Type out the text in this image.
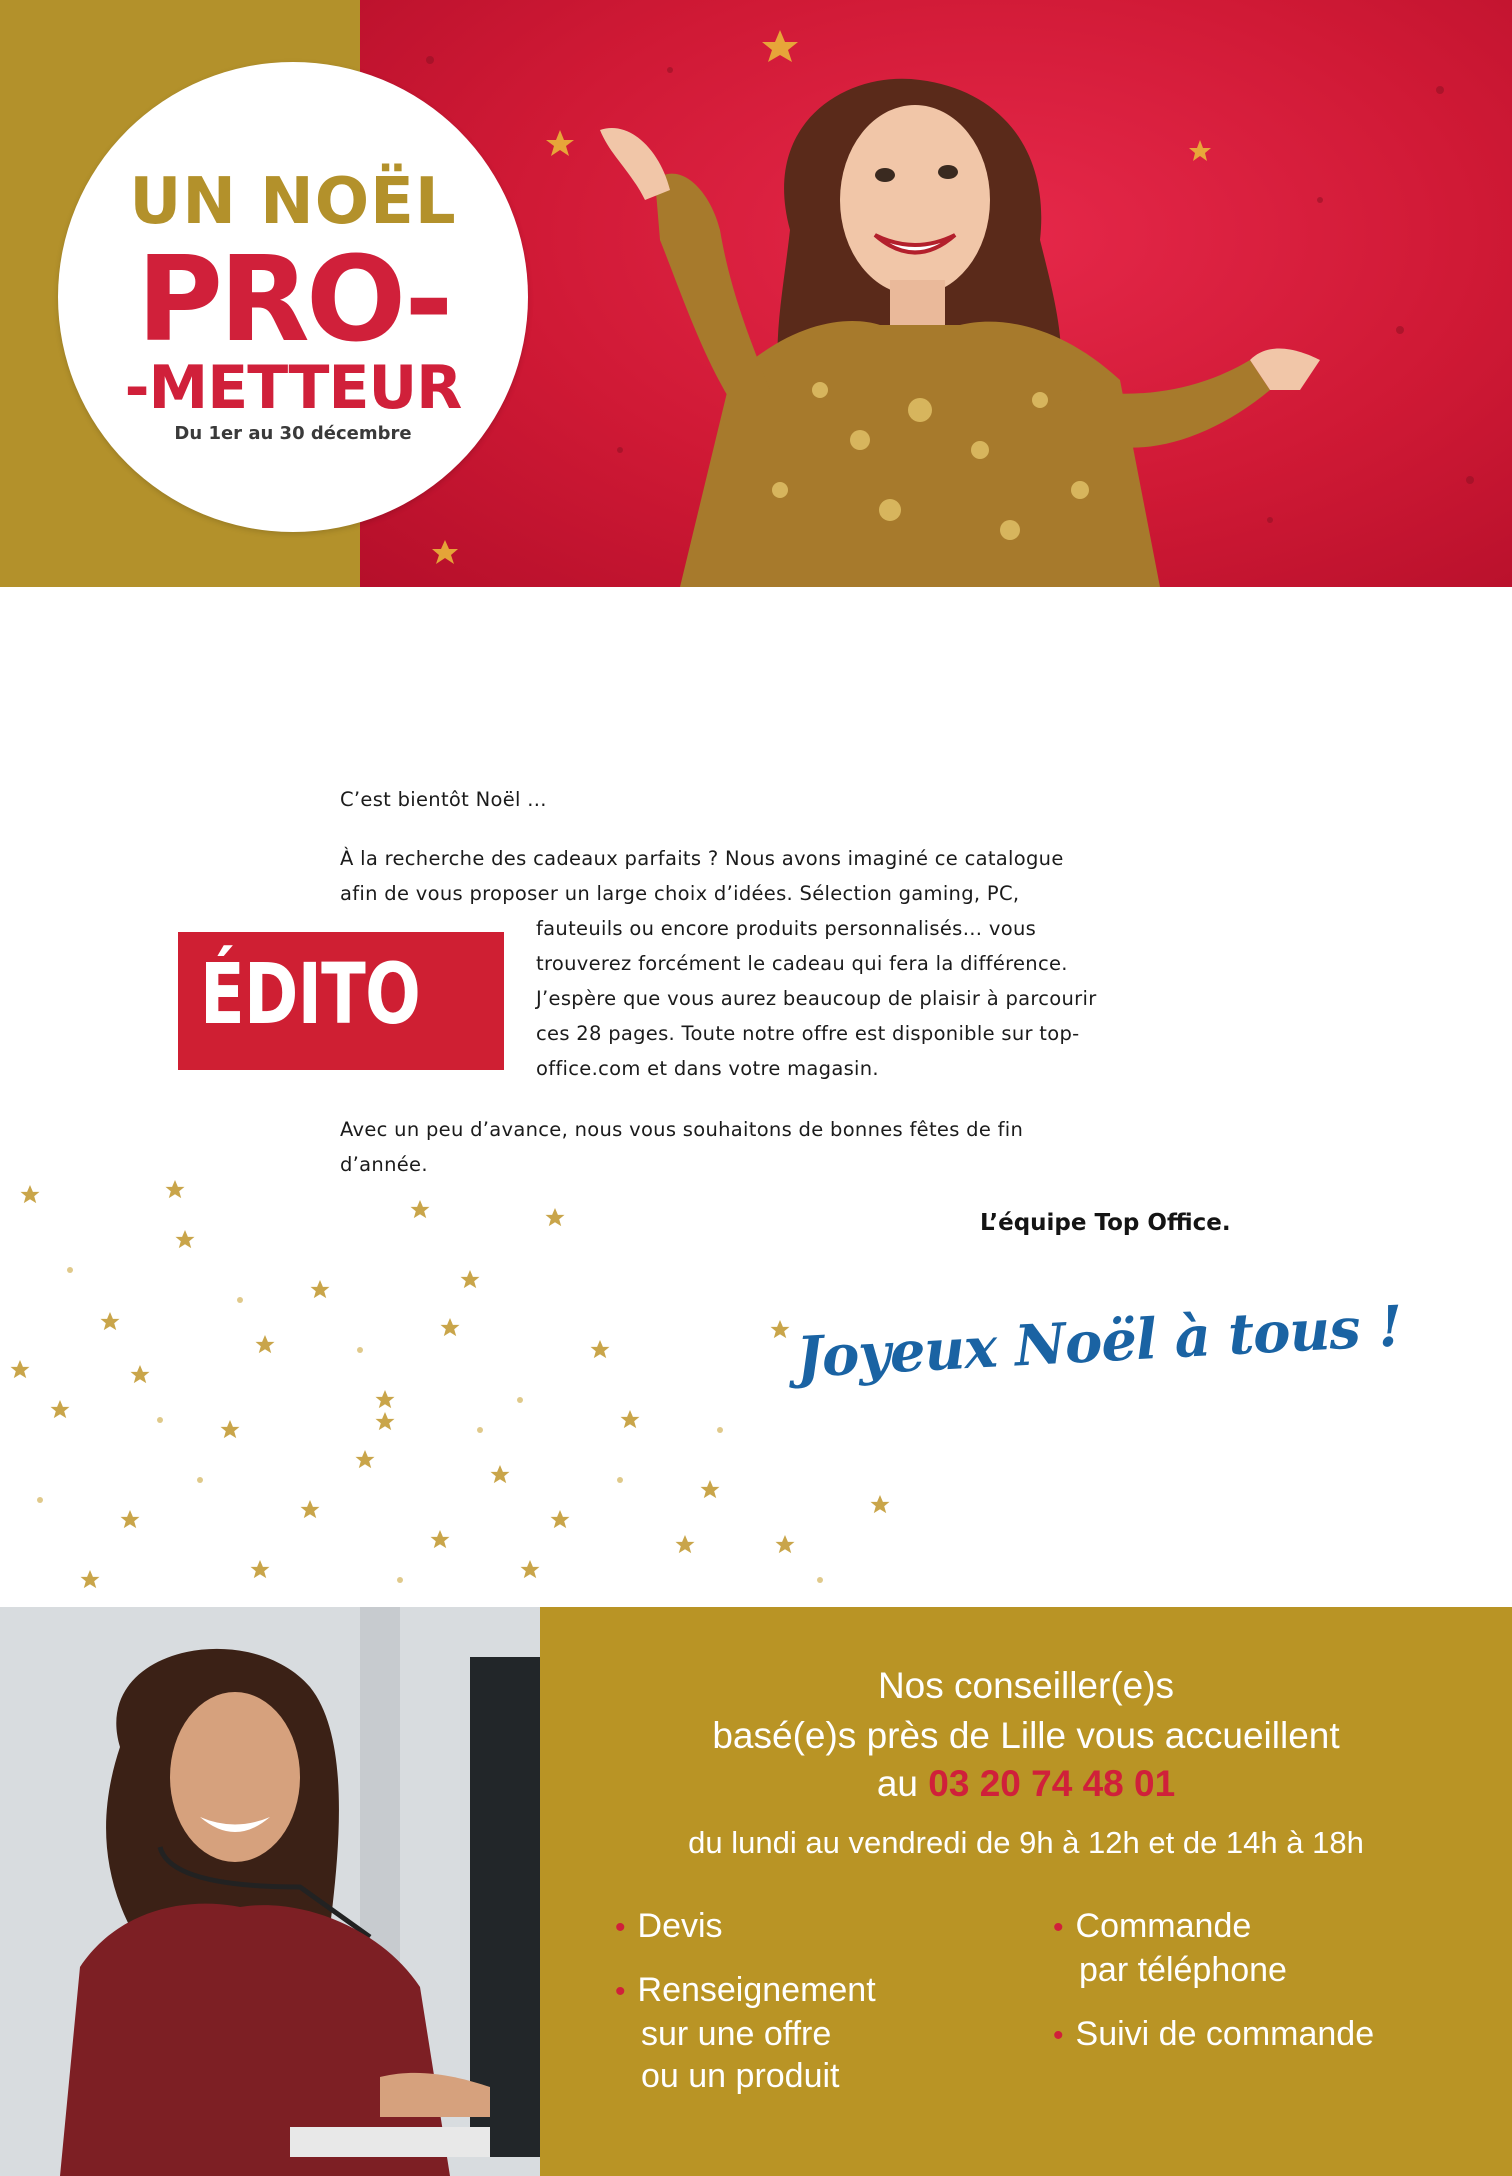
UN NOËL
PRO-
-METTEUR
Du 1er au 30 décembre
C’est bientôt Noël ...
À la recherche des cadeaux parfaits ? Nous avons imaginé ce catalogue
afin de vous proposer un large choix d’idées. Sélection gaming, PC,
fauteuils ou encore produits personnalisés… vous
trouverez forcément le cadeau qui fera la différence.
J’espère que vous aurez beaucoup de plaisir à parcourir
ces 28 pages. Toute notre offre est disponible sur top-
office.com et dans votre magasin.
ÉDITO
Avec un peu d’avance, nous vous souhaitons de bonnes fêtes de fin
d’année.
L’équipe Top Office.
Joyeux Noël à tous !
Nos conseiller(e)s
basé(e)s près de Lille vous accueillent
au 03 20 74 48 01
du lundi au vendredi de 9h à 12h et de 14h à 18h
• Devis
• Renseignement
sur une offre
ou un produit
• Commande
par téléphone
• Suivi de commande
